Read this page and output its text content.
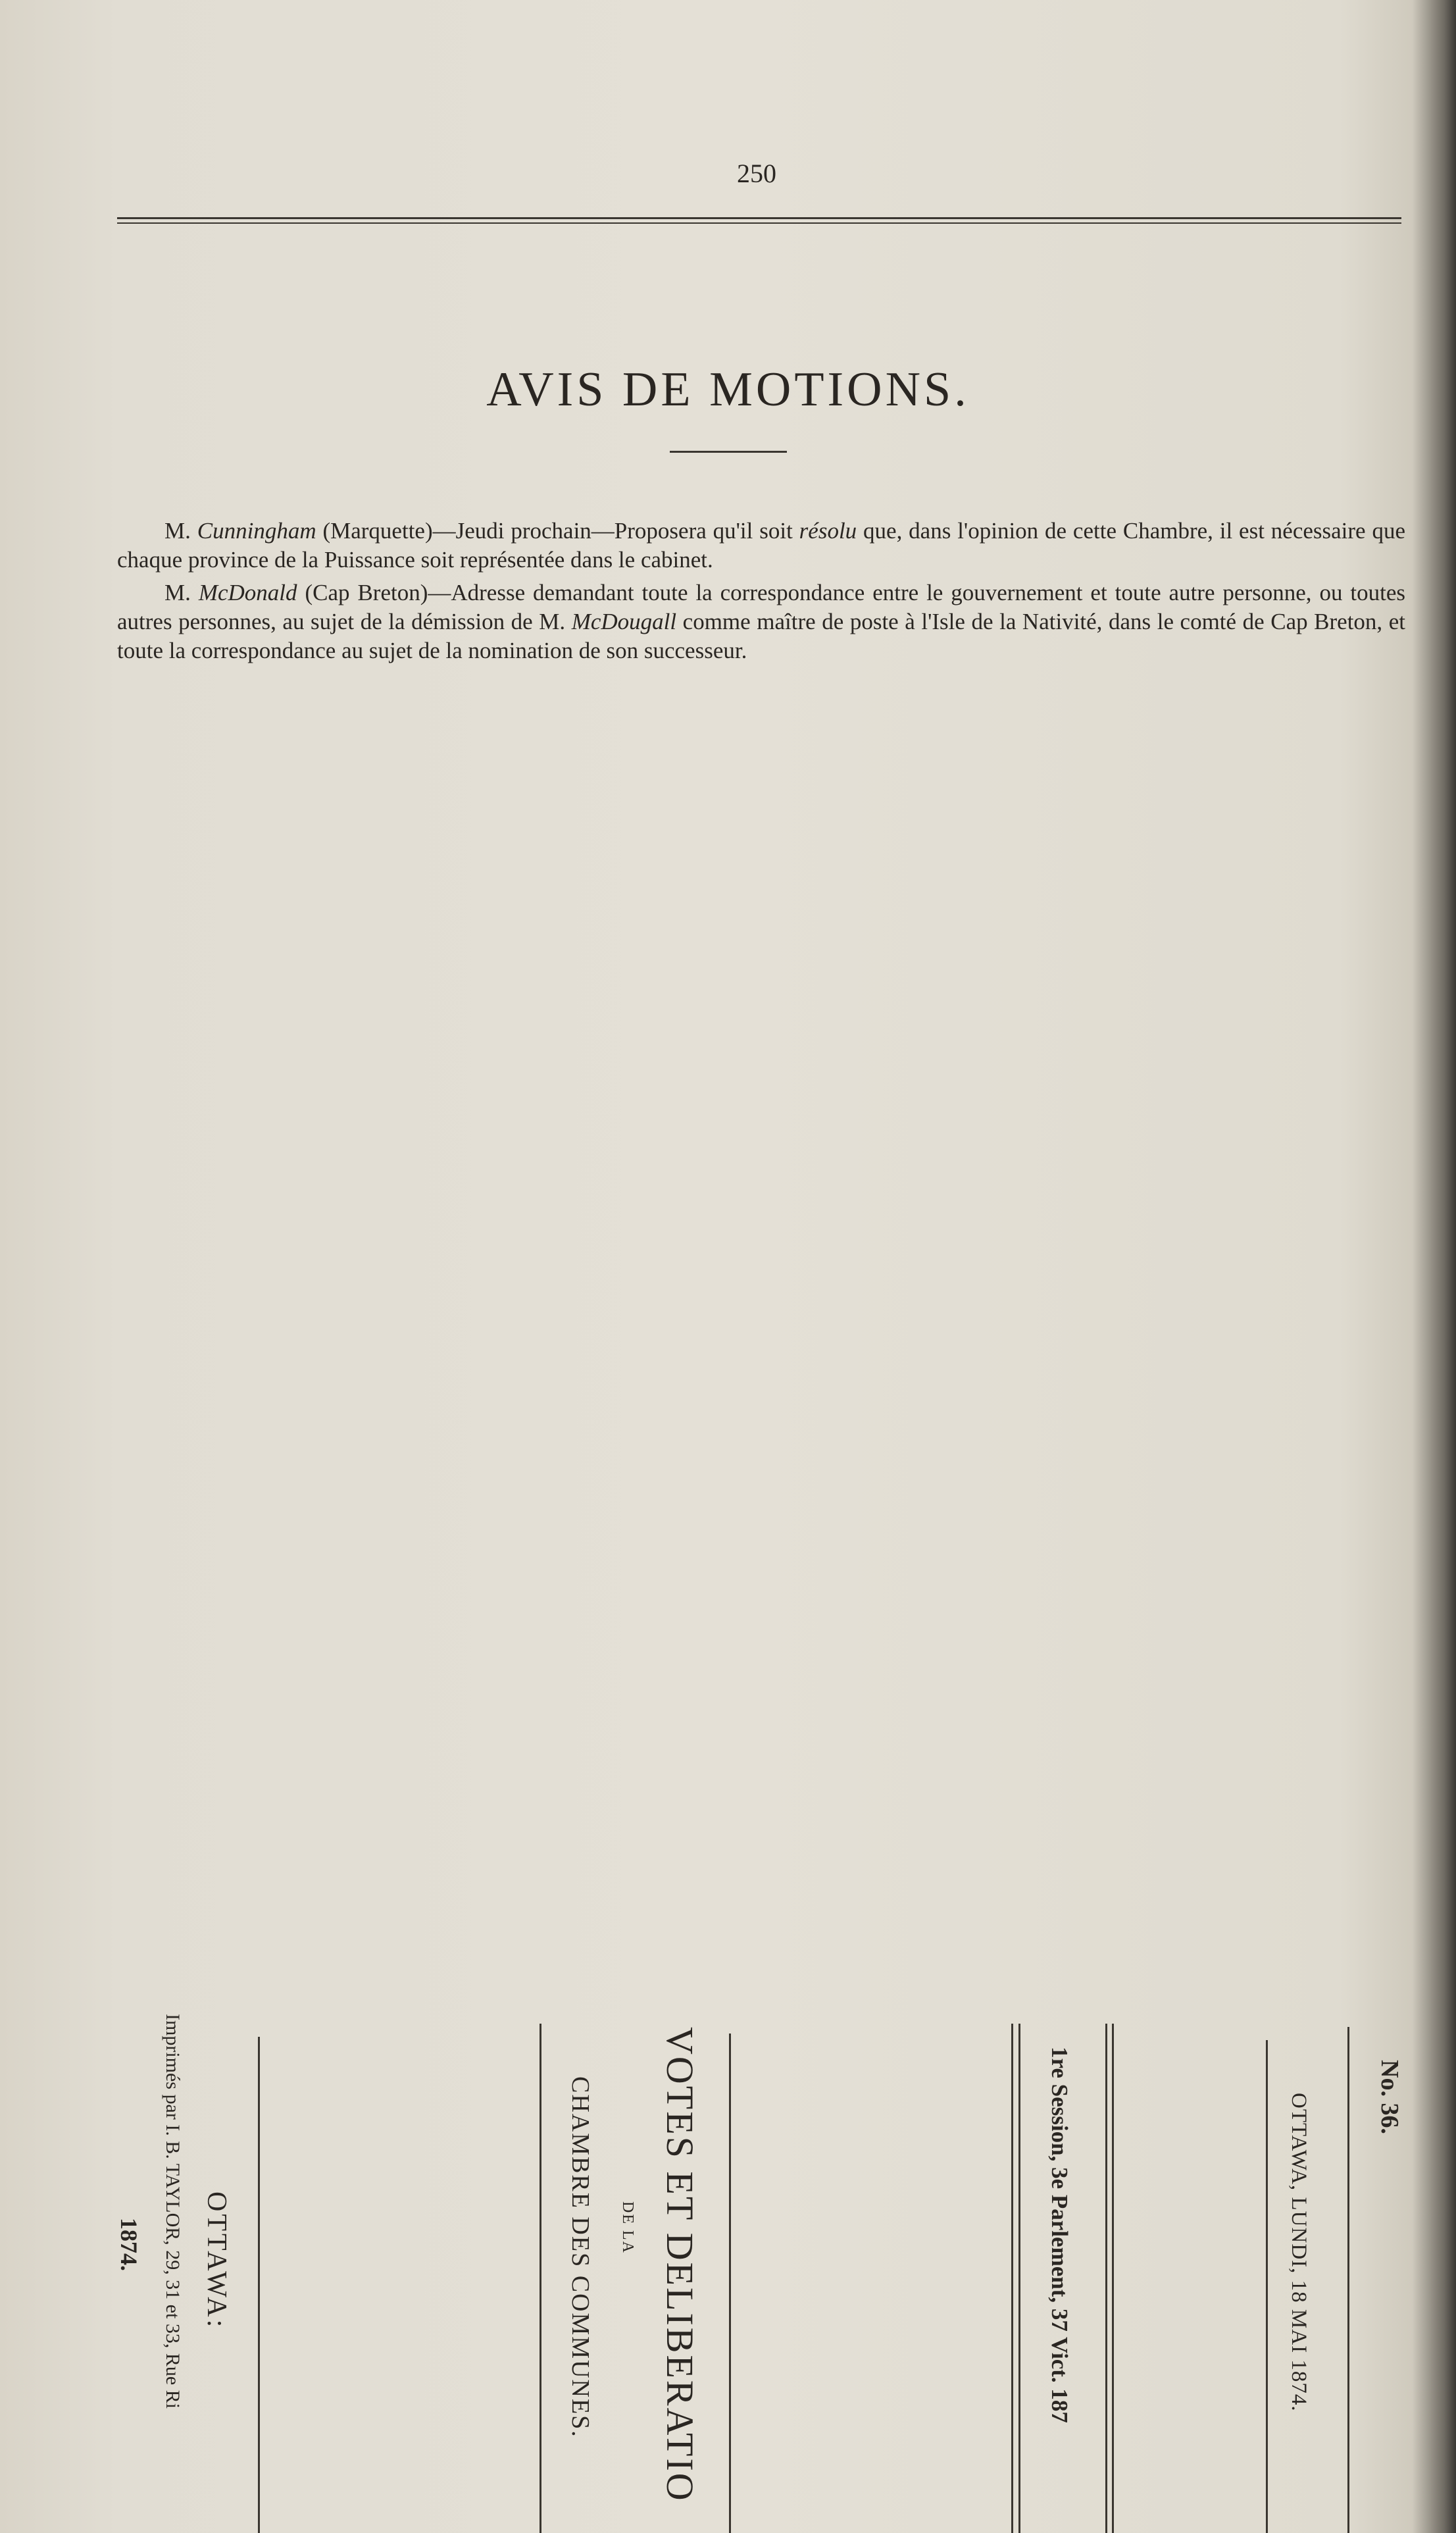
250
AVIS DE MOTIONS.

M. Cunningham (Marquette)—Jeudi prochain—Proposera qu'il soit résolu que, dans l'opinion de cette Chambre, il est nécessaire que chaque province de la Puissance soit représentée dans le cabinet.

M. McDonald (Cap Breton)—Adresse demandant toute la correspondance entre le gouvernement et toute autre personne, ou toutes autres personnes, au sujet de la démission de M. McDougall comme maître de poste à l'Isle de la Nativité, dans le comté de Cap Breton, et toute la correspondance au sujet de la nomination de son successeur.

No. 36.
OTTAWA, LUNDI, 18 MAI 1874.
1re Session, 3e Parlement, 37 Vict. 187
VOTES ET DELIBERATIO
DE LA
CHAMBRE DES COMMUNES.
OTTAWA:
Imprimés par I. B. TAYLOR, 29, 31 et 33, Rue Ri
1874.
